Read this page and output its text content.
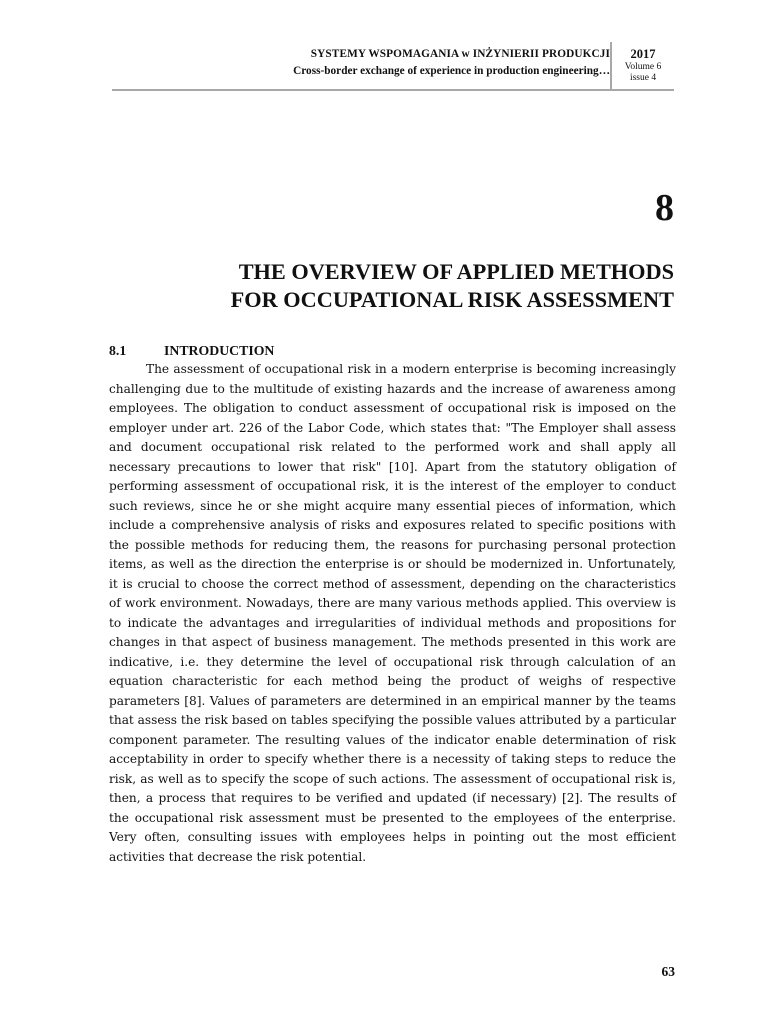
SYSTEMY WSPOMAGANIA w INŻYNIERII PRODUKCJI
Cross-border exchange of experience in production engineering…
2017
Volume 6
issue 4
8
THE OVERVIEW OF APPLIED METHODS
FOR OCCUPATIONAL RISK ASSESSMENT
8.1	INTRODUCTION

The assessment of occupational risk in a modern enterprise is becoming increasingly challenging due to the multitude of existing hazards and the increase of awareness among employees. The obligation to conduct assessment of occupational risk is imposed on the employer under art. 226 of the Labor Code, which states that: "The Employer shall assess and document occupational risk related to the performed work and shall apply all necessary precautions to lower that risk" [10]. Apart from the statutory obligation of performing assessment of occupational risk, it is the interest of the employer to conduct such reviews, since he or she might acquire many essential pieces of information, which include a comprehensive analysis of risks and exposures related to specific positions with the possible methods for reducing them, the reasons for purchasing personal protection items, as well as the direction the enterprise is or should be modernized in. Unfortunately, it is crucial to choose the correct method of assessment, depending on the characteristics of work environment. Nowadays, there are many various methods applied. This overview is to indicate the advantages and irregularities of individual methods and propositions for changes in that aspect of business management. The methods presented in this work are indicative, i.e. they determine the level of occupational risk through calculation of an equation characteristic for each method being the product of weighs of respective parameters [8]. Values of parameters are determined in an empirical manner by the teams that assess the risk based on tables specifying the possible values attributed by a particular component parameter. The resulting values of the indicator enable determination of risk acceptability in order to specify whether there is a necessity of taking steps to reduce the risk, as well as to specify the scope of such actions. The assessment of occupational risk is, then, a process that requires to be verified and updated (if necessary) [2]. The results of the occupational risk assessment must be presented to the employees of the enterprise. Very often, consulting issues with employees helps in pointing out the most efficient activities that decrease the risk potential.

63
